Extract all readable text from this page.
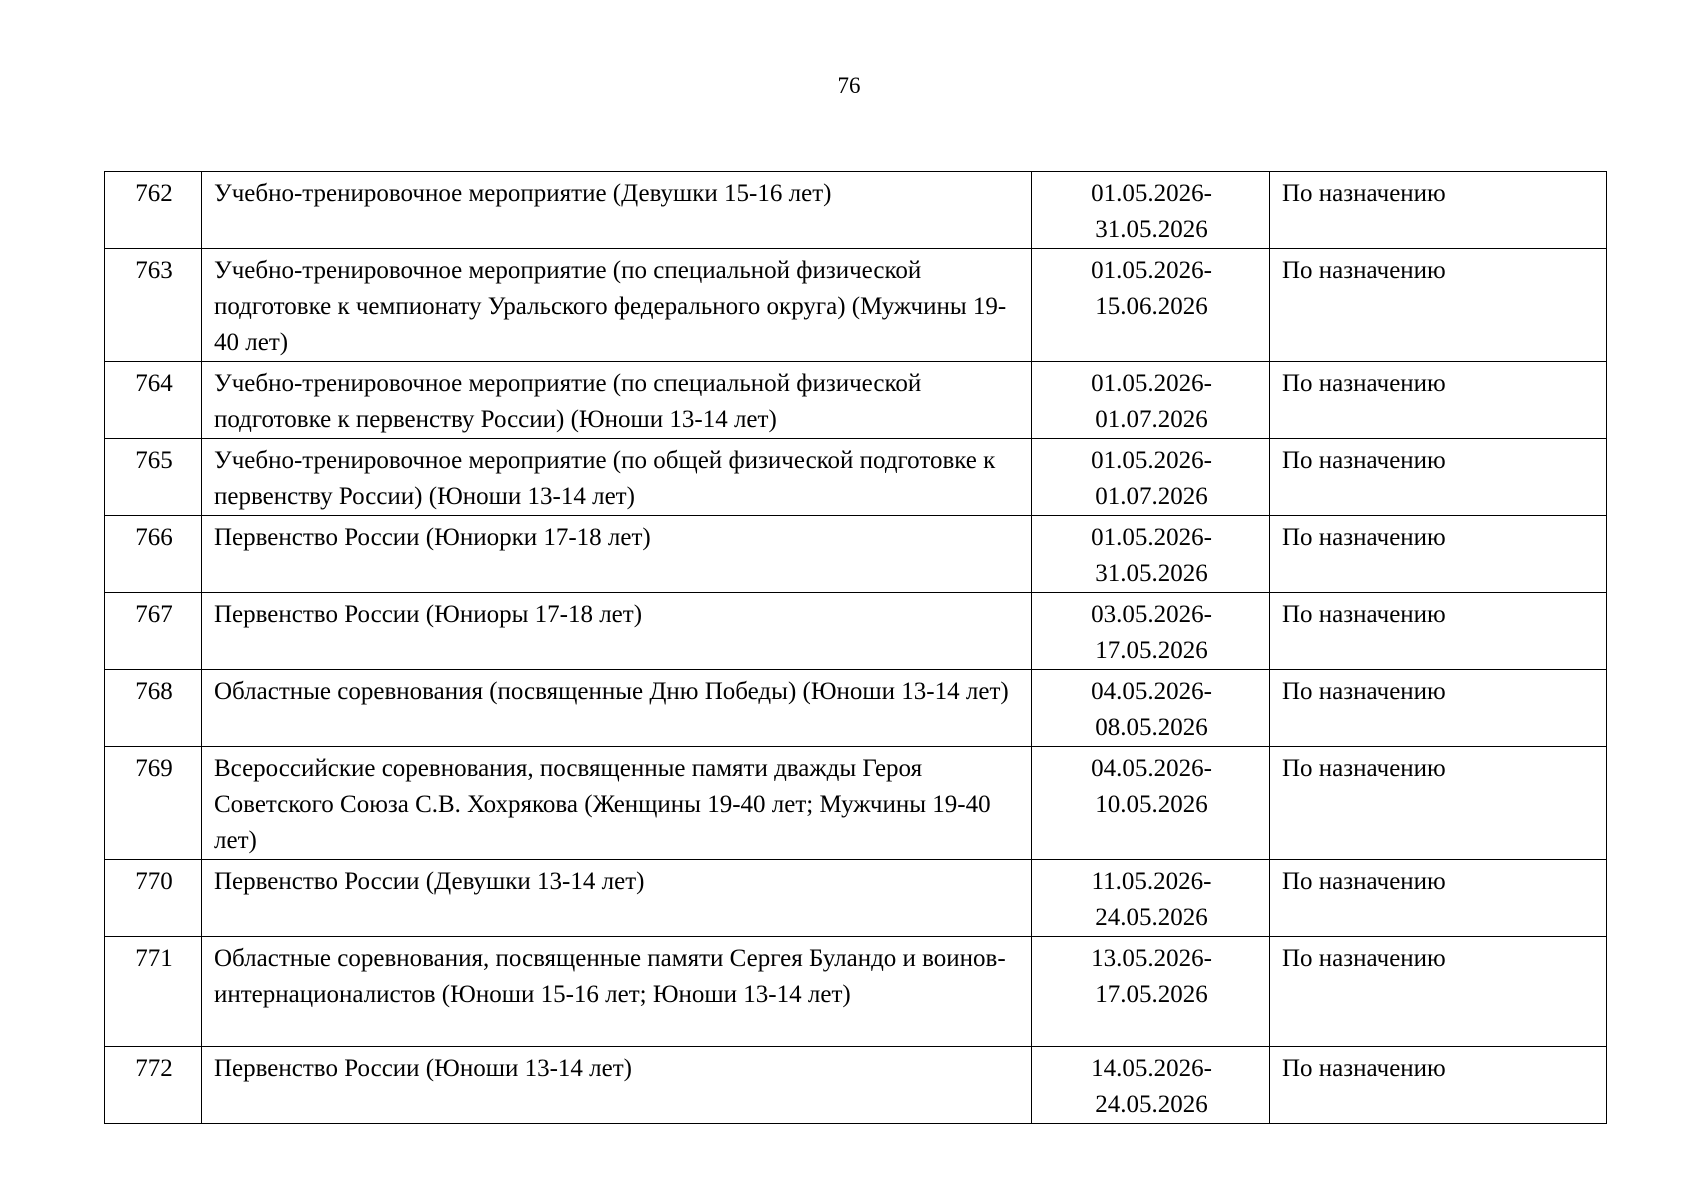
76
762	Учебно-тренировочное мероприятие (Девушки 15-16 лет)	01.05.2026-31.05.2026	По назначению
763	Учебно-тренировочное мероприятие (по специальной физической подготовке к чемпионату Уральского федерального округа) (Мужчины 19-40 лет)	01.05.2026-15.06.2026	По назначению
764	Учебно-тренировочное мероприятие (по специальной физической подготовке к первенству России) (Юноши 13-14 лет)	01.05.2026-01.07.2026	По назначению
765	Учебно-тренировочное мероприятие (по общей физической подготовке к первенству России) (Юноши 13-14 лет)	01.05.2026-01.07.2026	По назначению
766	Первенство России (Юниорки 17-18 лет)	01.05.2026-31.05.2026	По назначению
767	Первенство России (Юниоры 17-18 лет)	03.05.2026-17.05.2026	По назначению
768	Областные соревнования (посвященные Дню Победы) (Юноши 13-14 лет)	04.05.2026-08.05.2026	По назначению
769	Всероссийские соревнования, посвященные памяти дважды Героя Советского Союза С.В. Хохрякова (Женщины 19-40 лет; Мужчины 19-40 лет)	04.05.2026-10.05.2026	По назначению
770	Первенство России (Девушки 13-14 лет)	11.05.2026-24.05.2026	По назначению
771	Областные соревнования, посвященные памяти Сергея Буландо и воинов-интернационалистов (Юноши 15-16 лет; Юноши 13-14 лет)	13.05.2026-17.05.2026	По назначению
772	Первенство России (Юноши 13-14 лет)	14.05.2026-24.05.2026	По назначению
